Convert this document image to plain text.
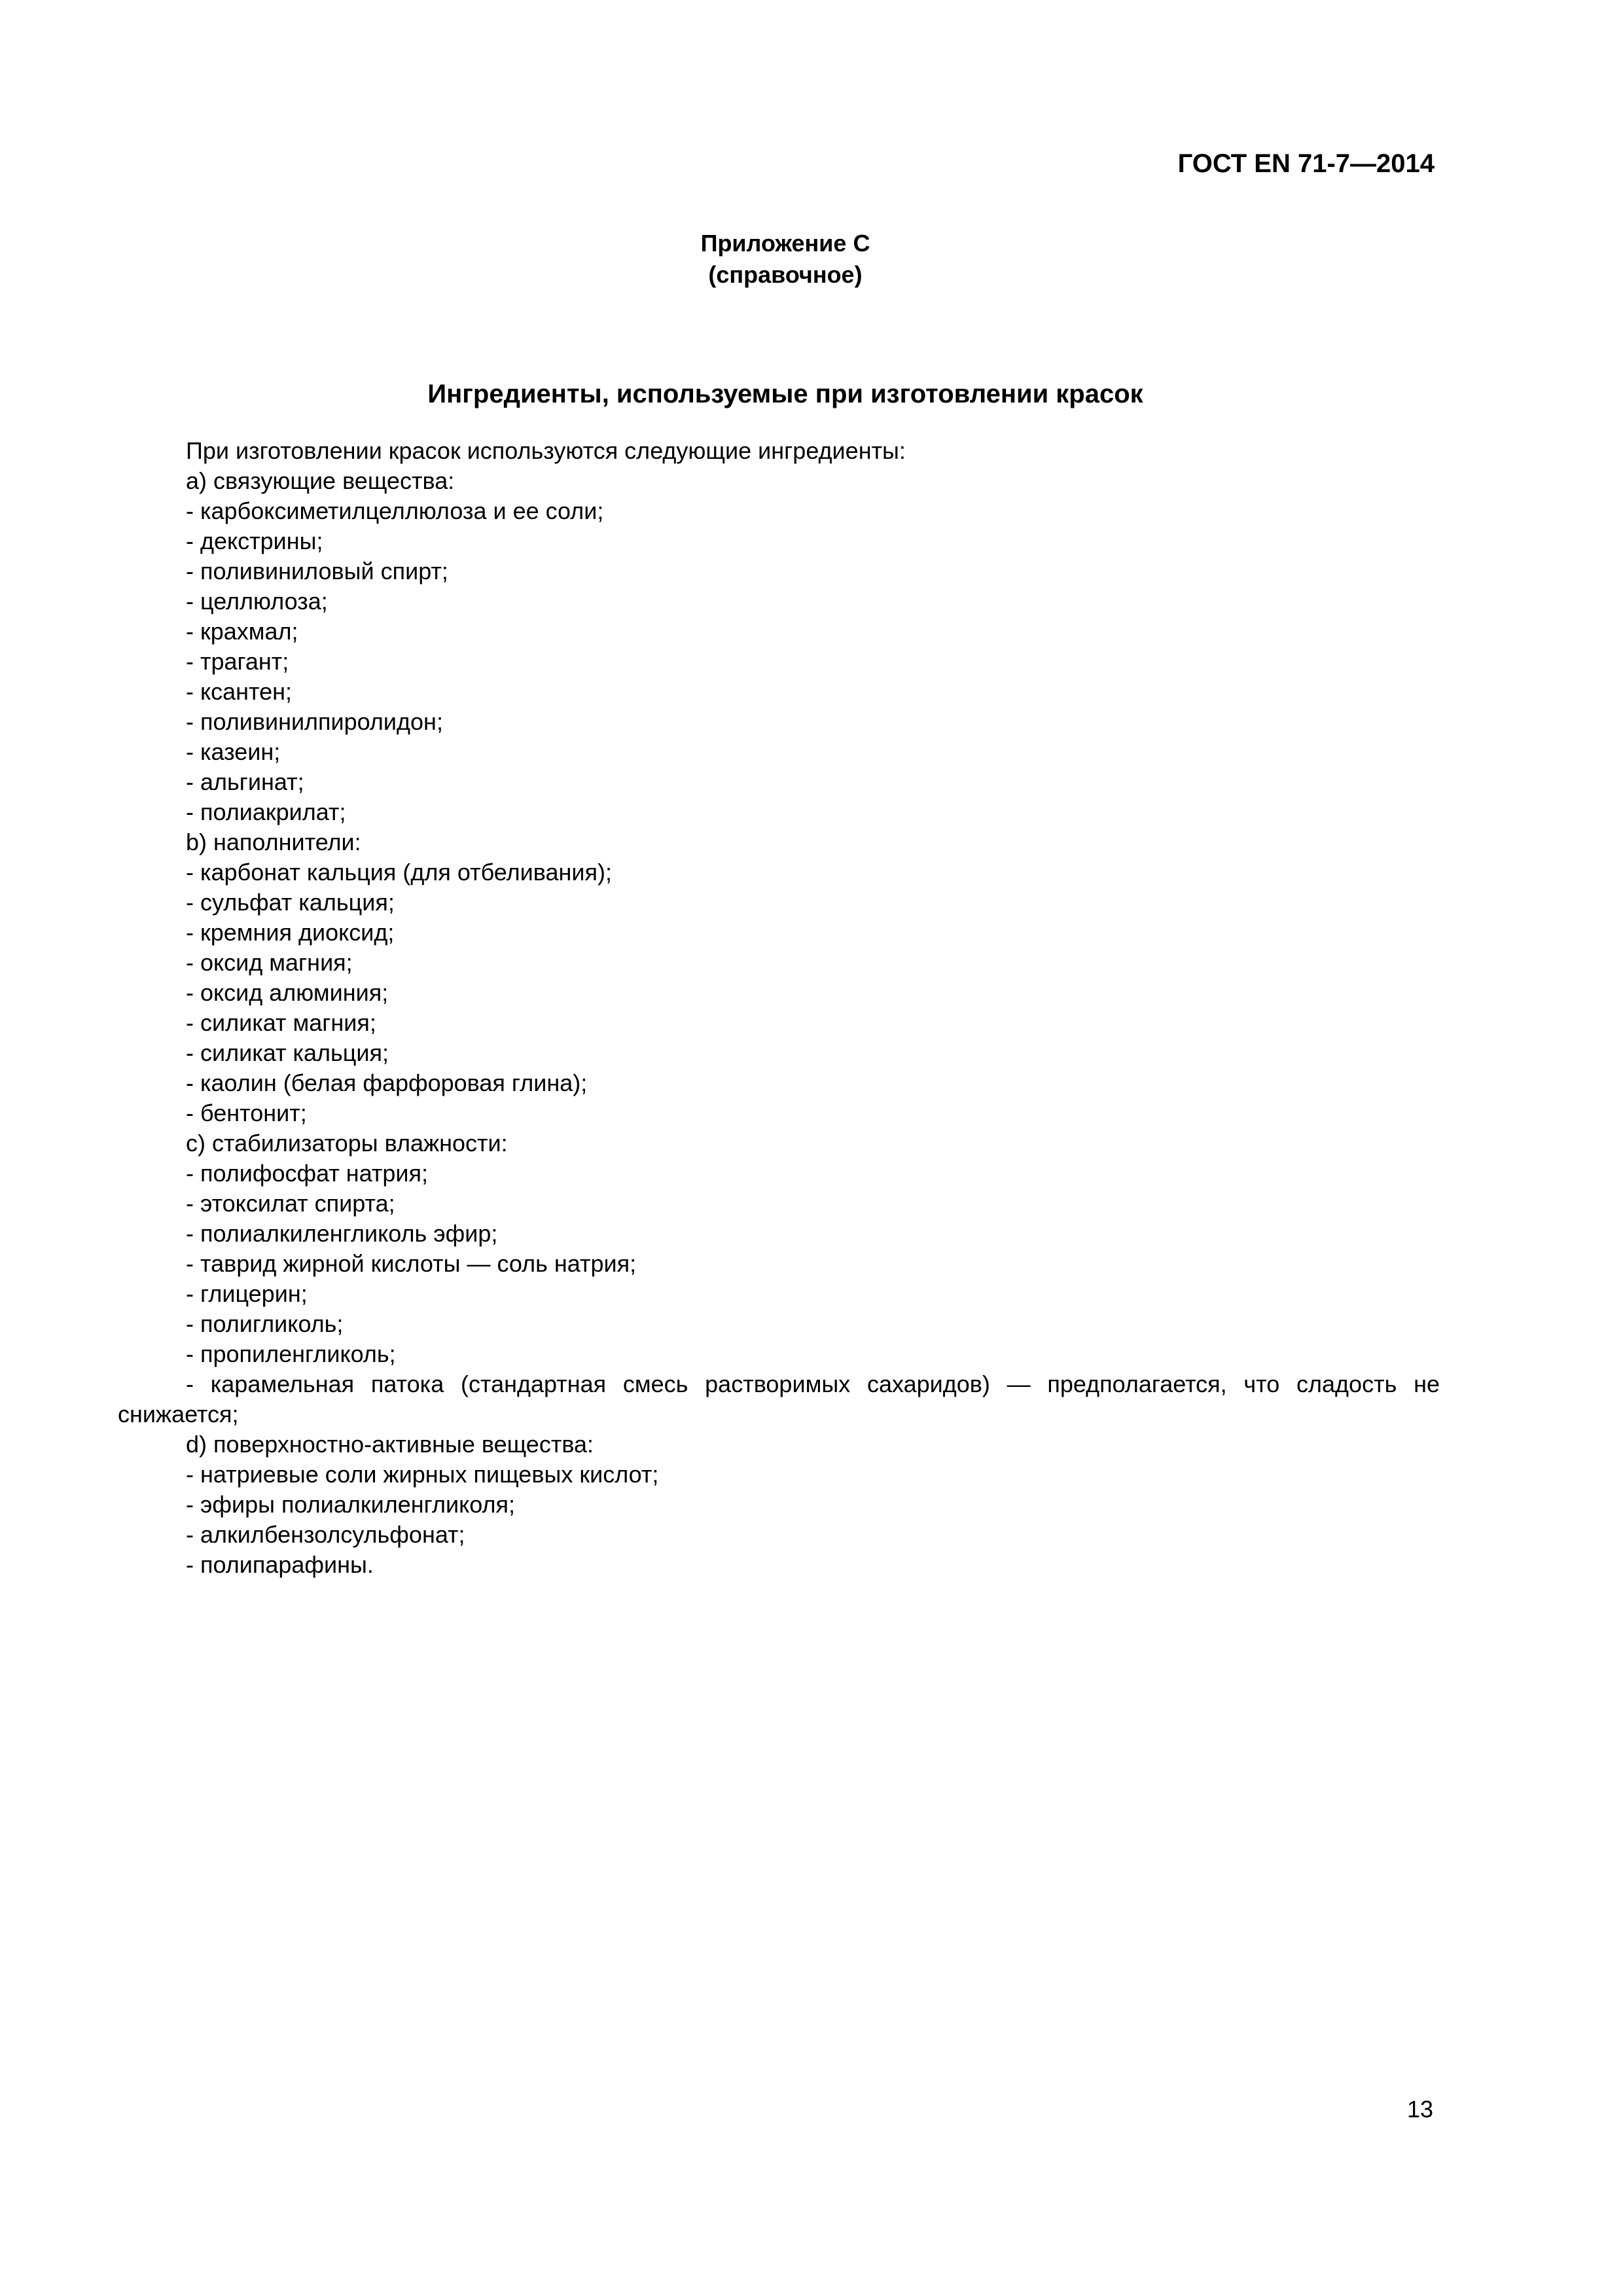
ГОСТ EN 71-7—2014
Приложение С
(справочное)
Ингредиенты, используемые при изготовлении красок
При изготовлении красок используются следующие ингредиенты:
a) связующие вещества:
- карбоксиметилцеллюлоза и ее соли;
- декстрины;
- поливиниловый спирт;
- целлюлоза;
- крахмал;
- трагант;
- ксантен;
- поливинилпиролидон;
- казеин;
- альгинат;
- полиакрилат;
b) наполнители:
- карбонат кальция (для отбеливания);
- сульфат кальция;
- кремния диоксид;
- оксид магния;
- оксид алюминия;
- силикат магния;
- силикат кальция;
- каолин (белая фарфоровая глина);
- бентонит;
c) стабилизаторы влажности:
- полифосфат натрия;
- этоксилат спирта;
- полиалкиленгликоль эфир;
- таврид жирной кислоты — соль натрия;
- глицерин;
- полигликоль;
- пропиленгликоль;
- карамельная патока (стандартная смесь растворимых сахаридов) — предполагается, что сладость не снижается;
d) поверхностно-активные вещества:
- натриевые соли жирных пищевых кислот;
- эфиры полиалкиленгликоля;
- алкилбензолсульфонат;
- полипарафины.
13
